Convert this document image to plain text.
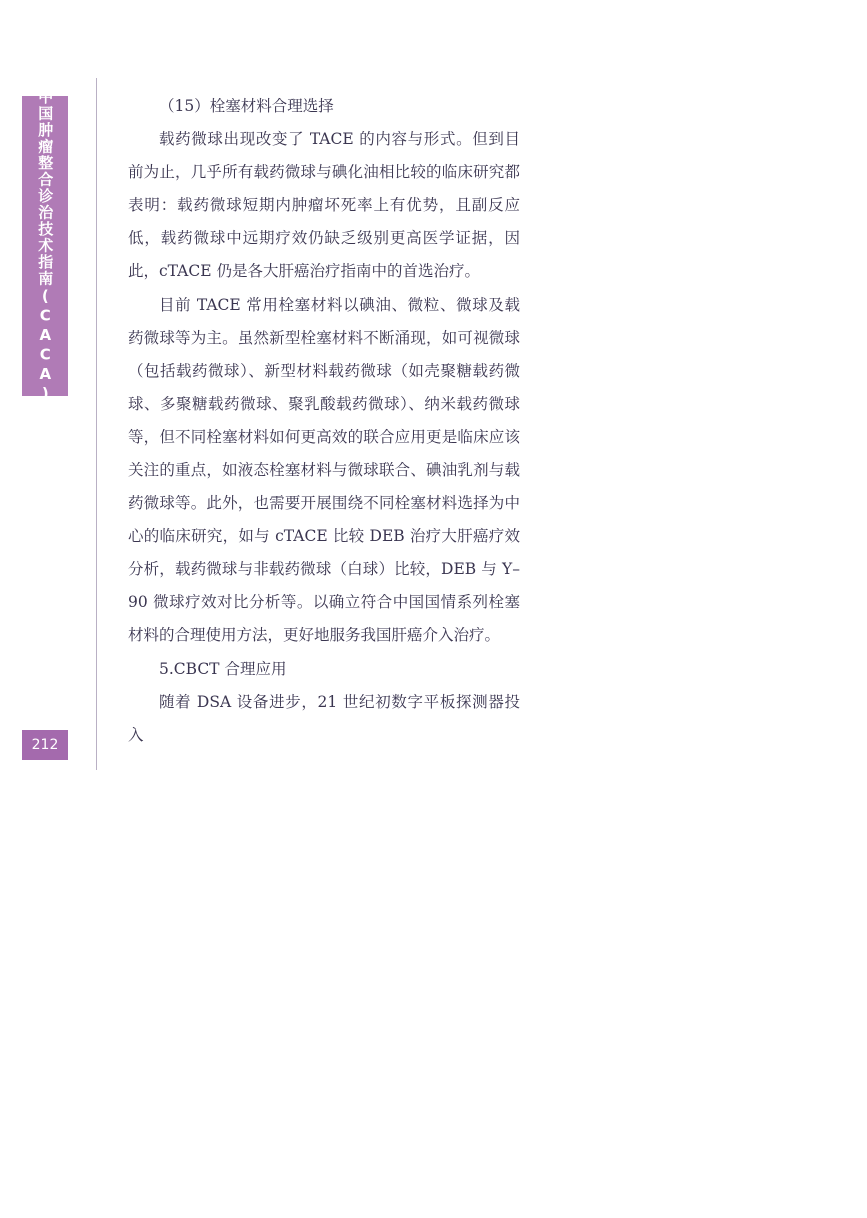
中国肿瘤整合诊治技术指南(CACA)
212

（15）栓塞材料合理选择

载药微球出现改变了 TACE 的内容与形式。但到目前为止，几乎所有载药微球与碘化油相比较的临床研究都表明：载药微球短期内肿瘤坏死率上有优势，且副反应低，载药微球中远期疗效仍缺乏级别更高医学证据，因此，cTACE 仍是各大肝癌治疗指南中的首选治疗。

目前 TACE 常用栓塞材料以碘油、微粒、微球及载药微球等为主。虽然新型栓塞材料不断涌现，如可视微球（包括载药微球）、新型材料载药微球（如壳聚糖载药微球、多聚糖载药微球、聚乳酸载药微球）、纳米载药微球等，但不同栓塞材料如何更高效的联合应用更是临床应该关注的重点，如液态栓塞材料与微球联合、碘油乳剂与载药微球等。此外，也需要开展围绕不同栓塞材料选择为中心的临床研究，如与 cTACE 比较 DEB 治疗大肝癌疗效分析，载药微球与非载药微球（白球）比较，DEB 与 Y–90 微球疗效对比分析等。以确立符合中国国情系列栓塞材料的合理使用方法，更好地服务我国肝癌介入治疗。

5.CBCT 合理应用

随着 DSA 设备进步，21 世纪初数字平板探测器投入
